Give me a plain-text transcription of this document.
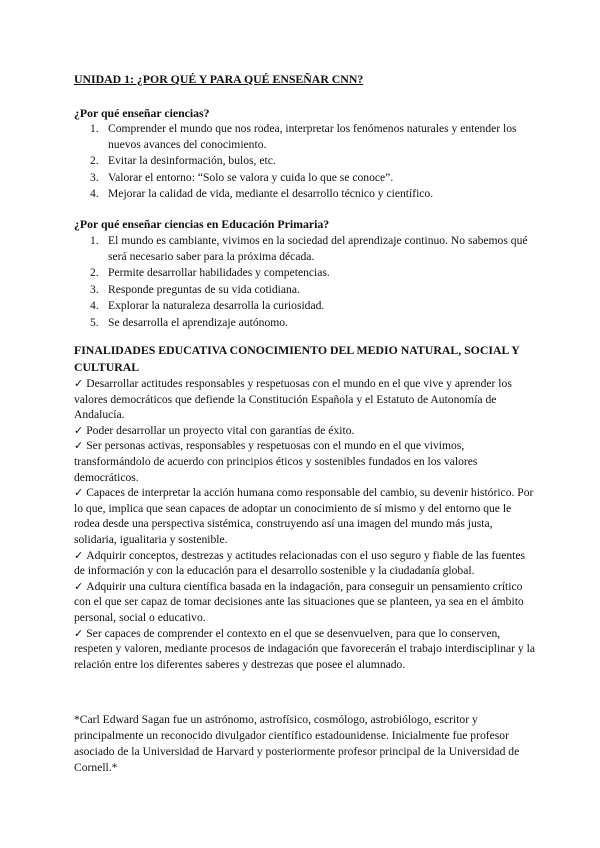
UNIDAD 1: ¿POR QUÉ Y PARA QUÉ ENSEÑAR CNN?

¿Por qué enseñar ciencias?

1. Comprender el mundo que nos rodea, interpretar los fenómenos naturales y entender los nuevos avances del conocimiento.
2. Evitar la desinformación, bulos, etc.
3. Valorar el entorno: “Solo se valora y cuida lo que se conoce”.
4. Mejorar la calidad de vida, mediante el desarrollo técnico y científico.

¿Por qué enseñar ciencias en Educación Primaria?

1. El mundo es cambiante, vivimos en la sociedad del aprendizaje continuo. No sabemos qué será necesario saber para la próxima década.
2. Permite desarrollar habilidades y competencias.
3. Responde preguntas de su vida cotidiana.
4. Explorar la naturaleza desarrolla la curiosidad.
5. Se desarrolla el aprendizaje autónomo.

FINALIDADES EDUCATIVA CONOCIMIENTO DEL MEDIO NATURAL, SOCIAL Y CULTURAL

✓ Desarrollar actitudes responsables y respetuosas con el mundo en el que vive y aprender los valores democráticos que defiende la Constitución Española y el Estatuto de Autonomía de Andalucía.
✓ Poder desarrollar un proyecto vital con garantías de éxito.
✓ Ser personas activas, responsables y respetuosas con el mundo en el que vivimos, transformándolo de acuerdo con principios éticos y sostenibles fundados en los valores democráticos.
✓ Capaces de interpretar la acción humana como responsable del cambio, su devenir histórico. Por lo que, implica que sean capaces de adoptar un conocimiento de sí mismo y del entorno que le rodea desde una perspectiva sistémica, construyendo así una imagen del mundo más justa, solidaria, igualitaria y sostenible.
✓ Adquirir conceptos, destrezas y actitudes relacionadas con el uso seguro y fiable de las fuentes de información y con la educación para el desarrollo sostenible y la ciudadanía global.
✓ Adquirir una cultura científica basada en la indagación, para conseguir un pensamiento crítico con el que ser capaz de tomar decisiones ante las situaciones que se planteen, ya sea en el ámbito personal, social o educativo.
✓ Ser capaces de comprender el contexto en el que se desenvuelven, para que lo conserven, respeten y valoren, mediante procesos de indagación que favorecerán el trabajo interdisciplinar y la relación entre los diferentes saberes y destrezas que posee el alumnado.

*Carl Edward Sagan fue un astrónomo, astrofísico, cosmólogo, astrobiólogo, escritor y principalmente un reconocido divulgador científico estadounidense. Inicialmente fue profesor asociado de la Universidad de Harvard y posteriormente profesor principal de la Universidad de Cornell.*
